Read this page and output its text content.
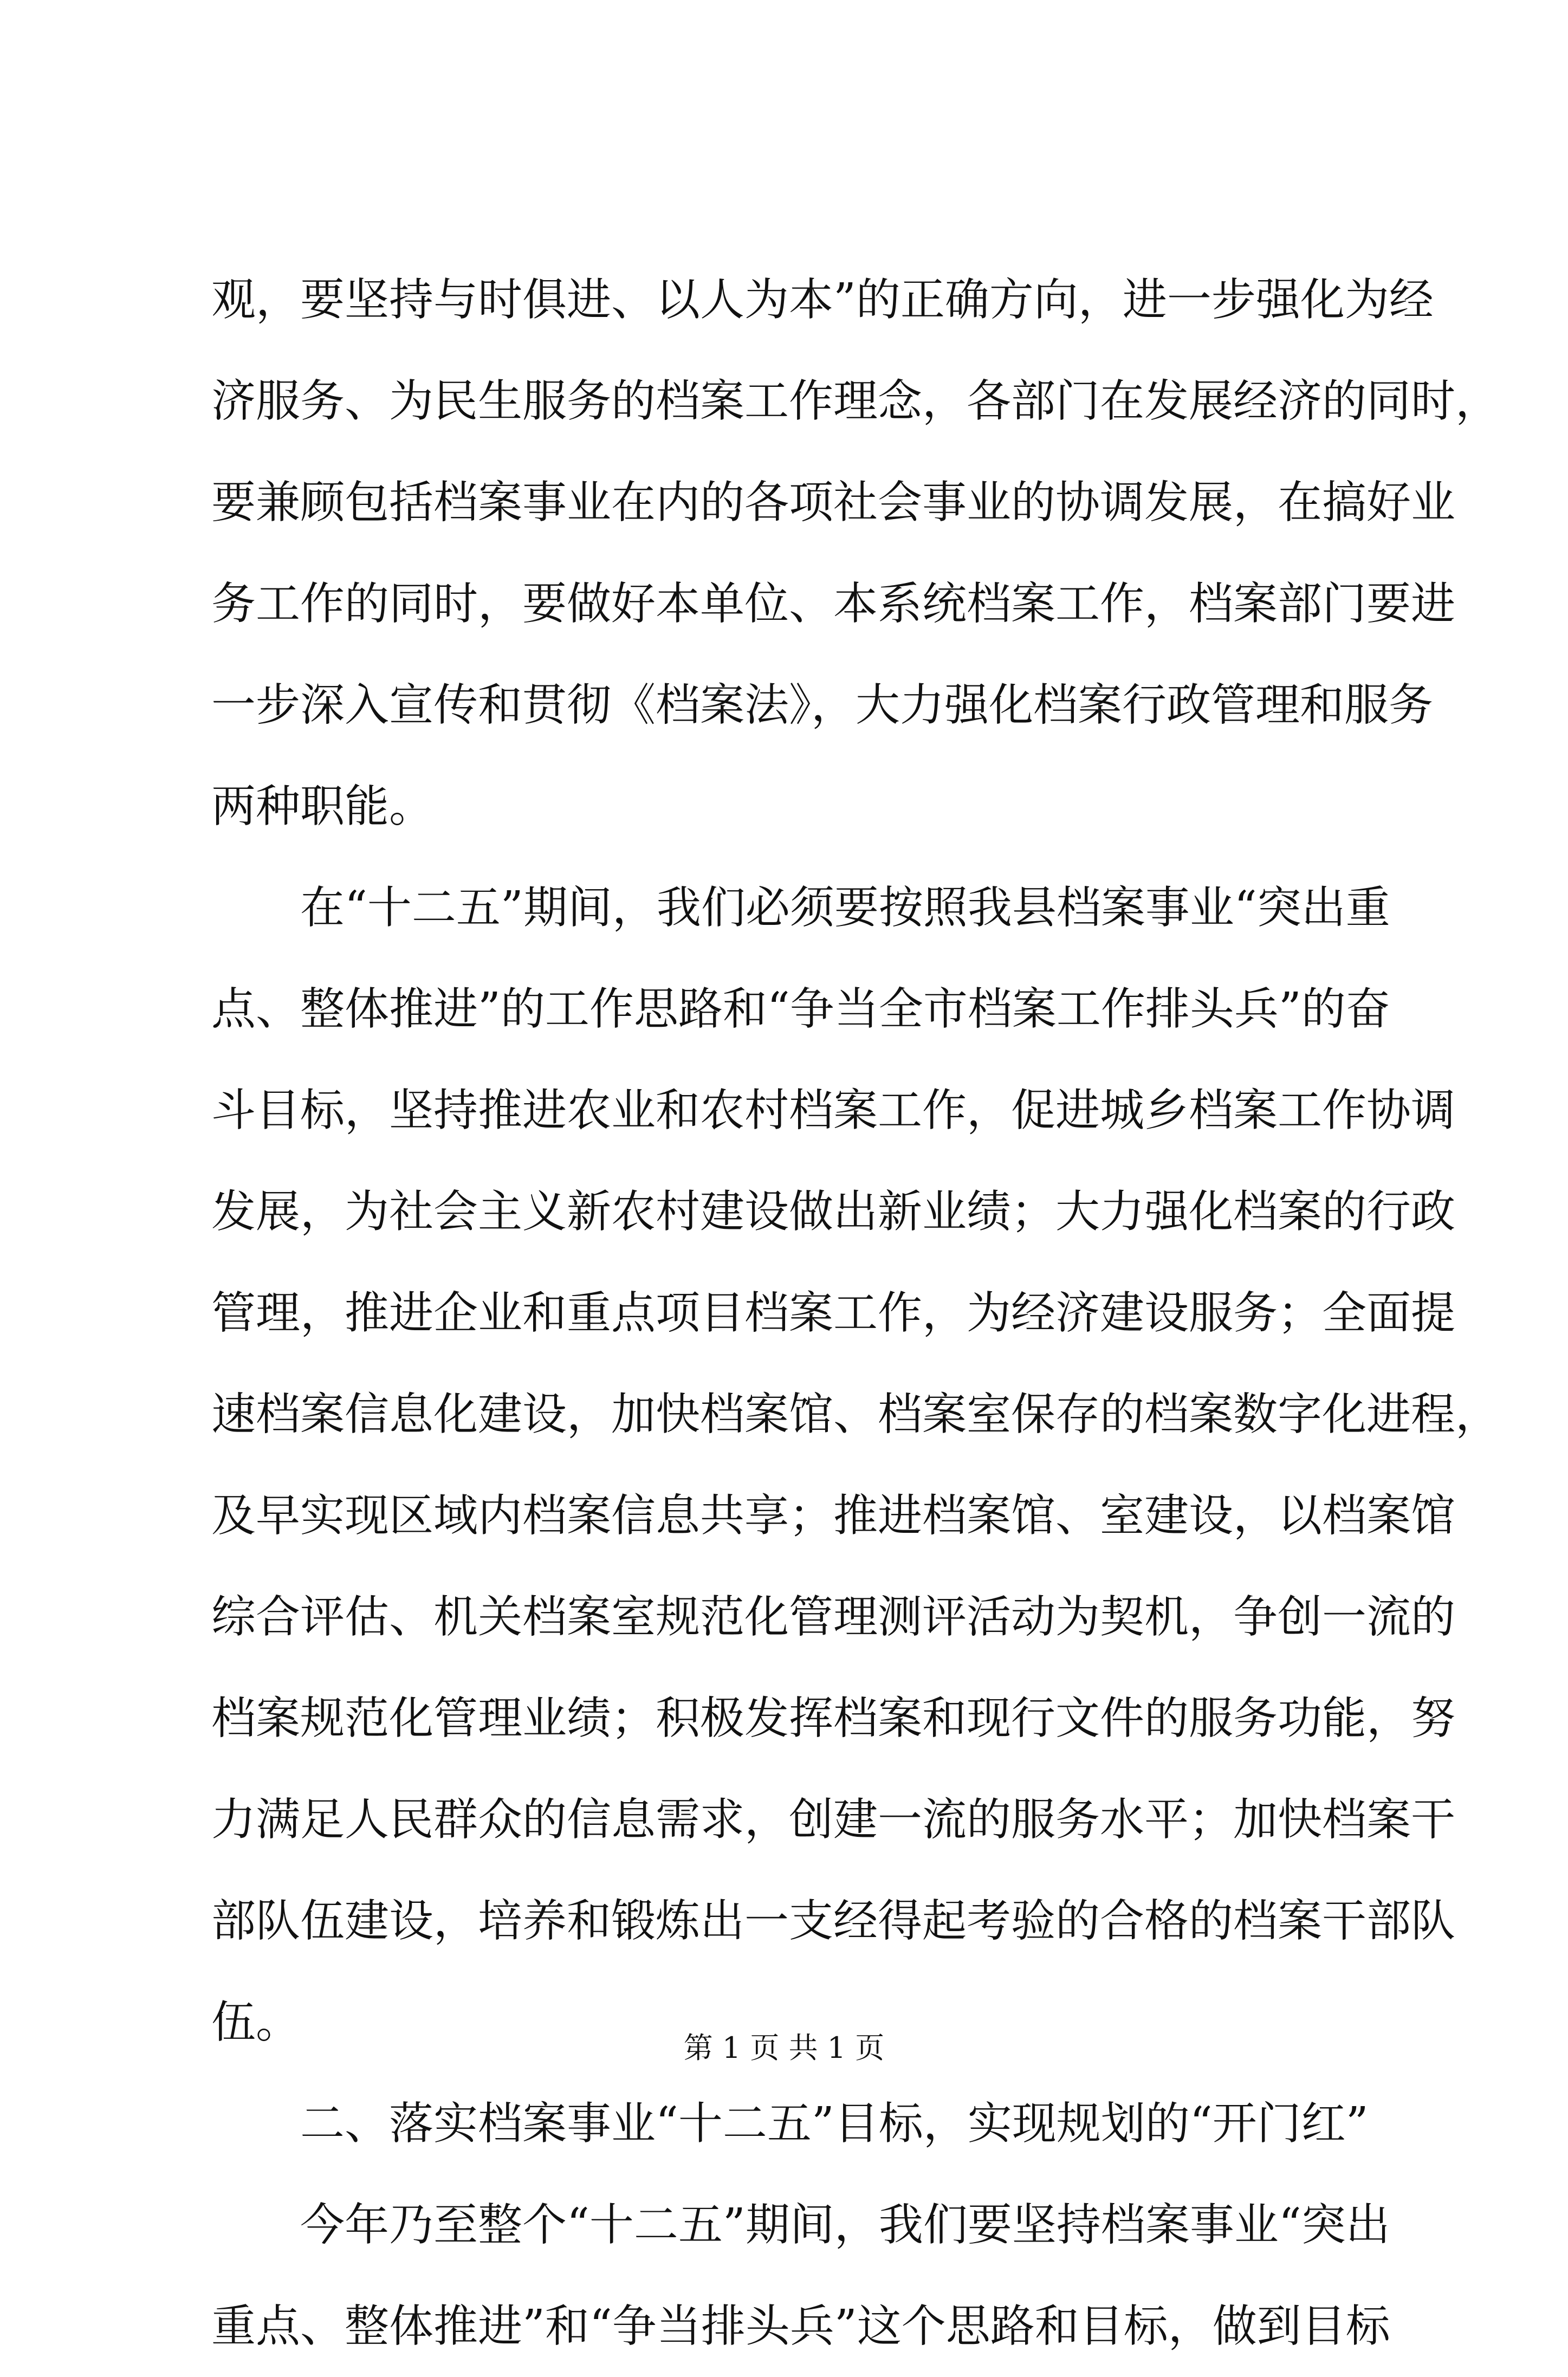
观，要坚持与时俱进、以人为本”的正确方向，进一步强化为经
济服务、为民生服务的档案工作理念，各部门在发展经济的同时，
要兼顾包括档案事业在内的各项社会事业的协调发展，在搞好业
务工作的同时，要做好本单位、本系统档案工作，档案部门要进
一步深入宣传和贯彻《档案法》，大力强化档案行政管理和服务
两种职能。
在“十二五”期间，我们必须要按照我县档案事业“突出重
点、整体推进”的工作思路和“争当全市档案工作排头兵”的奋
斗目标，坚持推进农业和农村档案工作，促进城乡档案工作协调
发展，为社会主义新农村建设做出新业绩；大力强化档案的行政
管理，推进企业和重点项目档案工作，为经济建设服务；全面提
速档案信息化建设，加快档案馆、档案室保存的档案数字化进程，
及早实现区域内档案信息共享；推进档案馆、室建设，以档案馆
综合评估、机关档案室规范化管理测评活动为契机，争创一流的
档案规范化管理业绩；积极发挥档案和现行文件的服务功能，努
力满足人民群众的信息需求，创建一流的服务水平；加快档案干
部队伍建设，培养和锻炼出一支经得起考验的合格的档案干部队
伍。
二、落实档案事业“十二五”目标，实现规划的“开门红”
今年乃至整个“十二五”期间，我们要坚持档案事业“突出
重点、整体推进”和“争当排头兵”这个思路和目标，做到目标
第 1 页 共 1 页
